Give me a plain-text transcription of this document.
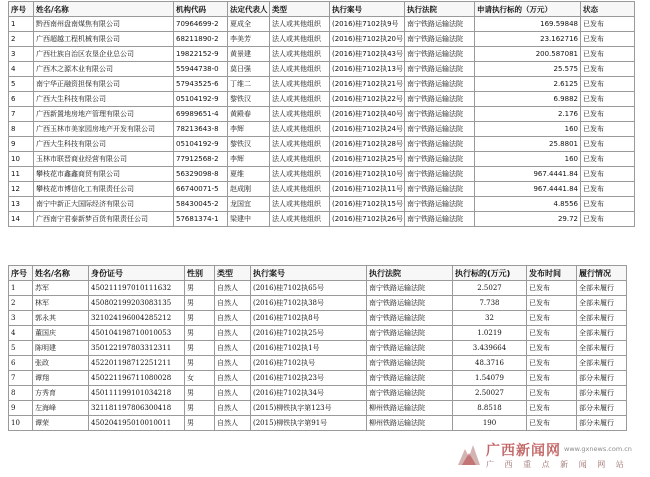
序号	姓名/名称	机构代码	法定代表人	类型	执行案号	执行法院	申请执行标的（万元）	状态
1	黔西南州盘南煤焦有限公司	70964699-2	夏成全	法人或其他组织	(2016)桂7102执9号	南宁铁路运输法院	169.59848	已发布
2	广西超越工程机械有限公司	68211890-2	李美芳	法人或其他组织	(2016)桂7102执20号	南宁铁路运输法院	23.162716	已发布
3	广西壮族自治区农垦企业总公司	19822152-9	黄景建	法人或其他组织	(2016)桂7102执43号	南宁铁路运输法院	200.587081	已发布
4	广西木之源木业有限公司	55944738-0	莫日强	法人或其他组织	(2016)桂7102执13号	南宁铁路运输法院	25.575	已发布
5	南宁华正融资担保有限公司	57943525-6	丁维二	法人或其他组织	(2016)桂7102执21号	南宁铁路运输法院	2.6125	已发布
6	广西大生科技有限公司	05104192-9	黎铁汉	法人或其他组织	(2016)桂7102执22号	南宁铁路运输法院	6.9882	已发布
7	广西新置地房地产管理有限公司	69989651-4	黄殿春	法人或其他组织	(2016)桂7102执40号	南宁铁路运输法院	2.176	已发布
8	广西玉林市美家园房地产开发有限公司	78213643-8	李辉	法人或其他组织	(2016)桂7102执24号	南宁铁路运输法院	160	已发布
9	广西大生科技有限公司	05104192-9	黎铁汉	法人或其他组织	(2016)桂7102执28号	南宁铁路运输法院	25.8801	已发布
10	玉林市联晋商业经营有限公司	77912568-2	李辉	法人或其他组织	(2016)桂7102执25号	南宁铁路运输法院	160	已发布
11	攀枝花市鑫鑫商贸有限公司	56329098-8	夏维	法人或其他组织	(2016)桂7102执10号	南宁铁路运输法院	967.4441.84	已发布
12	攀枝花市博信化工有限责任公司	66740071-5	赵成刚	法人或其他组织	(2016)桂7102执11号	南宁铁路运输法院	967.4441.84	已发布
13	南宁中新正大国际经济有限公司	58430045-2	龙国宜	法人或其他组织	(2016)桂7102执15号	南宁铁路运输法院	4.8556	已发布
14	广西南宁君泰新梦百货有限责任公司	57681374-1	梁建中	法人或其他组织	(2016)桂7102执26号	南宁铁路运输法院	29.72	已发布
序号	姓名/名称	身份证号	性别	类型	执行案号	执行法院	执行标的(万元)	发布时间	履行情况
1	苏军	450211197010111632	男	自然人	(2016)桂7102执65号	南宁铁路运输法院	2.5027	已发布	全部未履行
2	林军	450802199203083135	男	自然人	(2016)桂7102执38号	南宁铁路运输法院	7.738	已发布	全部未履行
3	郭永其	321024196004285212	男	自然人	(2016)桂7102执8号	南宁铁路运输法院	32	已发布	全部未履行
4	董国庆	450104198710010053	男	自然人	(2016)桂7102执25号	南宁铁路运输法院	1.0219	已发布	全部未履行
5	陈明建	350122197803312311	男	自然人	(2016)桂7102执1号	南宁铁路运输法院	3.439664	已发布	全部未履行
6	张政	452201198712251211	男	自然人	(2016)桂7102执号	南宁铁路运输法院	48.3716	已发布	全部未履行
7	谭翔	450221196711080028	女	自然人	(2016)桂7102执23号	南宁铁路运输法院	1.54079	已发布	部分未履行
8	方秀育	450111199101034218	男	自然人	(2016)桂7102执34号	南宁铁路运输法院	2.50027	已发布	部分未履行
9	左海峰	321181197806300418	男	自然人	(2015)柳铁执字第123号	柳州铁路运输法院	8.8518	已发布	部分未履行
10	谭荣	450204195010010011	男	自然人	(2015)柳铁执字第91号	柳州铁路运输法院	190	已发布	部分未履行
广西新闻网 www.gxnews.com.cn
广 西 重 点 新 闻 网 站
